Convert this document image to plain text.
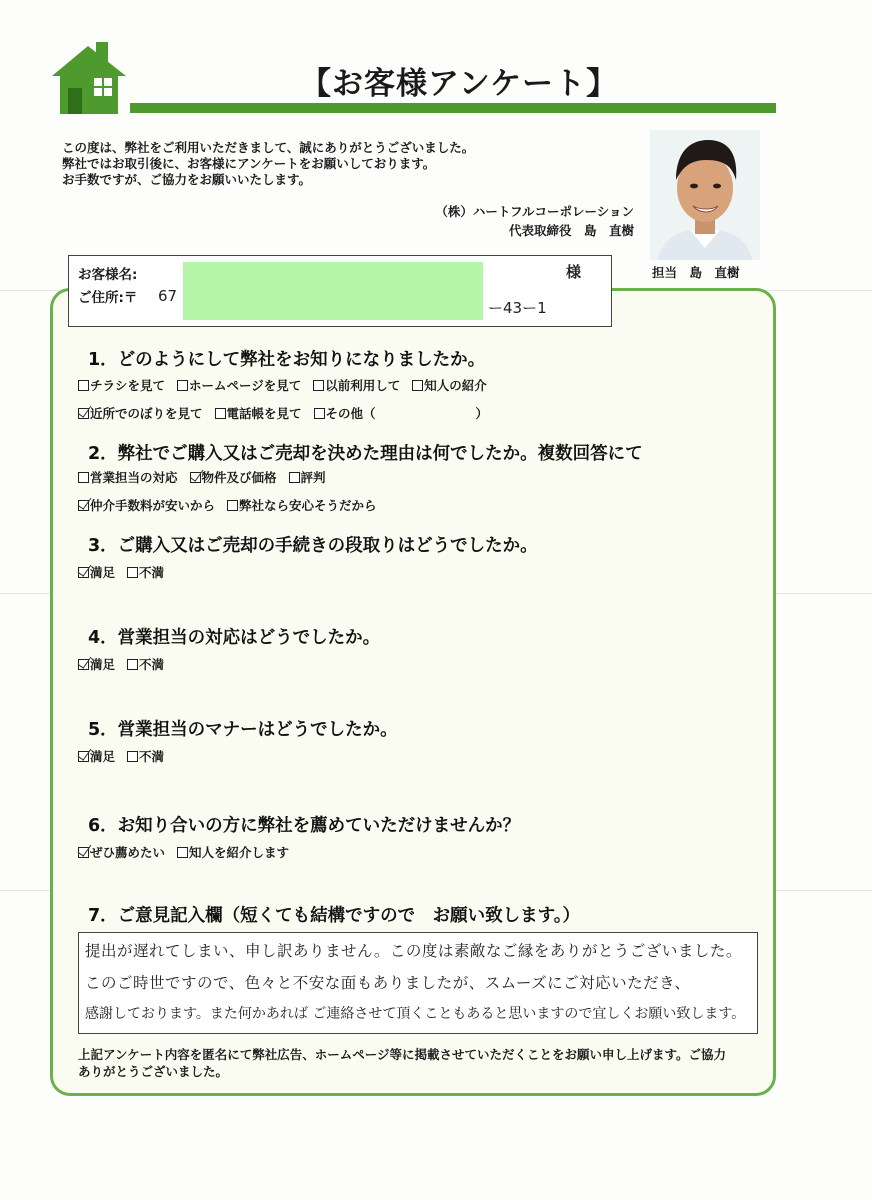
【お客様アンケート】
この度は、弊社をご利用いただきまして、誠にありがとうございました。
弊社ではお取引後に、お客様にアンケートをお願いしております。
お手数ですが、ご協力をお願いいたします。
（株）ハートフルコーポレーション
代表取締役　島　直樹
担当　島　直樹
お客様名:
ご住所:〒
様
67
ー43ー1
1．どのようにして弊社をお知りになりましたか。
チラシを見て ホームページを見て 以前利用して 知人の紹介
近所でのぼりを見て 電話帳を見て その他（　　　　　　　　）
2．弊社でご購入又はご売却を決めた理由は何でしたか。複数回答にて
営業担当の対応 物件及び価格 評判
仲介手数料が安いから 弊社なら安心そうだから
3．ご購入又はご売却の手続きの段取りはどうでしたか。
満足 不満
4．営業担当の対応はどうでしたか。
満足 不満
5．営業担当のマナーはどうでしたか。
満足 不満
6．お知り合いの方に弊社を薦めていただけませんか？
ぜひ薦めたい 知人を紹介します
7．ご意見記入欄（短くても結構ですので　お願い致します。）
提出が遅れてしまい、申し訳ありません。この度は素敵なご縁をありがとうございました。
このご時世ですので、色々と不安な面もありましたが、スムーズにご対応いただき、
感謝しております。また何かあれば ご連絡させて頂くこともあると思いますので宜しくお願い致します。
上記アンケート内容を匿名にて弊社広告、ホームページ等に掲載させていただくことをお願い申し上げます。ご協力ありがとうございました。
